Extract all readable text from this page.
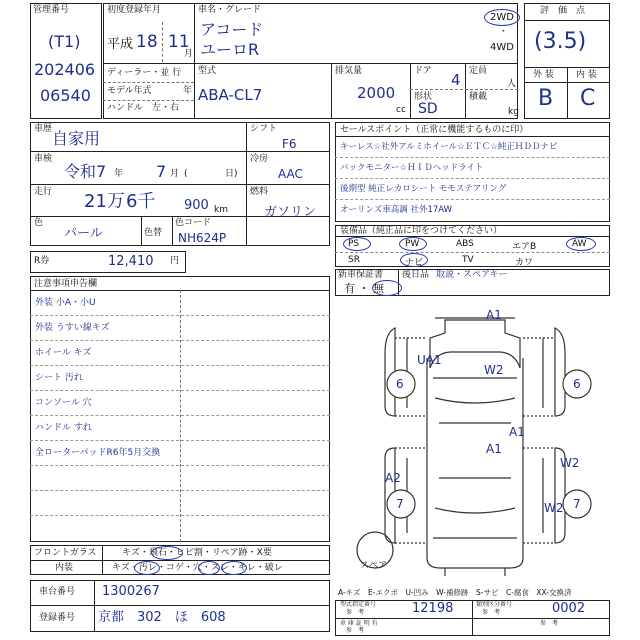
管理番号
(T1)
202406
06540
初度登録年月
平成 18 11
月
ディーラー・並 行
モデル年式	年
ハンドル　左・右
車名・グレード
アコード
ユーロR
2WD
・
4WD
型式
ABA-CL7
排気量
2000
cc
ドア 4 定員
人
形状
SD
積載
kg
評　価　点
(3.5)
外 装 内 装
B C
車歴 自家用
車検
令和7 年 7 月 (	日)
走行 21万 6千 900 km
色
パール	色替
色コード
NH624P
シフト
F6
冷房
AAC
燃料
ガソリン
R券	12,410 円
注意事項申告欄
外装 小A・小U
外装 うすい線キズ
ホイール キズ
シート 汚れ
コンソール 穴
ハンドル すれ
全ローターパッドR6年5月交換
セールスポイント（正常に機能するものに印）
キーレス☆社外アルミホイール☆ＥＴＣ☆純正ＨＤＤナビ
バックモニター☆ＨＩＤヘッドライト
後期型 純正レカロシート モモステアリング
オーリンズ車高調 社外17AW
装備品（純正品に印をつけてください）
PS	PW	ABS	エアB	AW
SR	ナビ	TV	カワ
新車保証書
有 ・ 無
後日品 取説・スペアキー
A1
W2
UA1
6	6
A1
A1
W2
A2
7	W2 7
スペア
A-キズ　E-エクボ　U-凹み　W-補修跡　S-サビ　C-腐食　XX-交換済
フロントガラス	キズ・飛石・ヒビ割・リペア跡・X要
内装	キズ・汚レ・コゲ・穴・スレ・キレ・破レ
車台番号 1300267
登録番号 京都　302　ほ　608
型式指定番号
参　考	12198	類別区分番号
参　考	0002
車 庫 証 明 有
参　考
参　考
